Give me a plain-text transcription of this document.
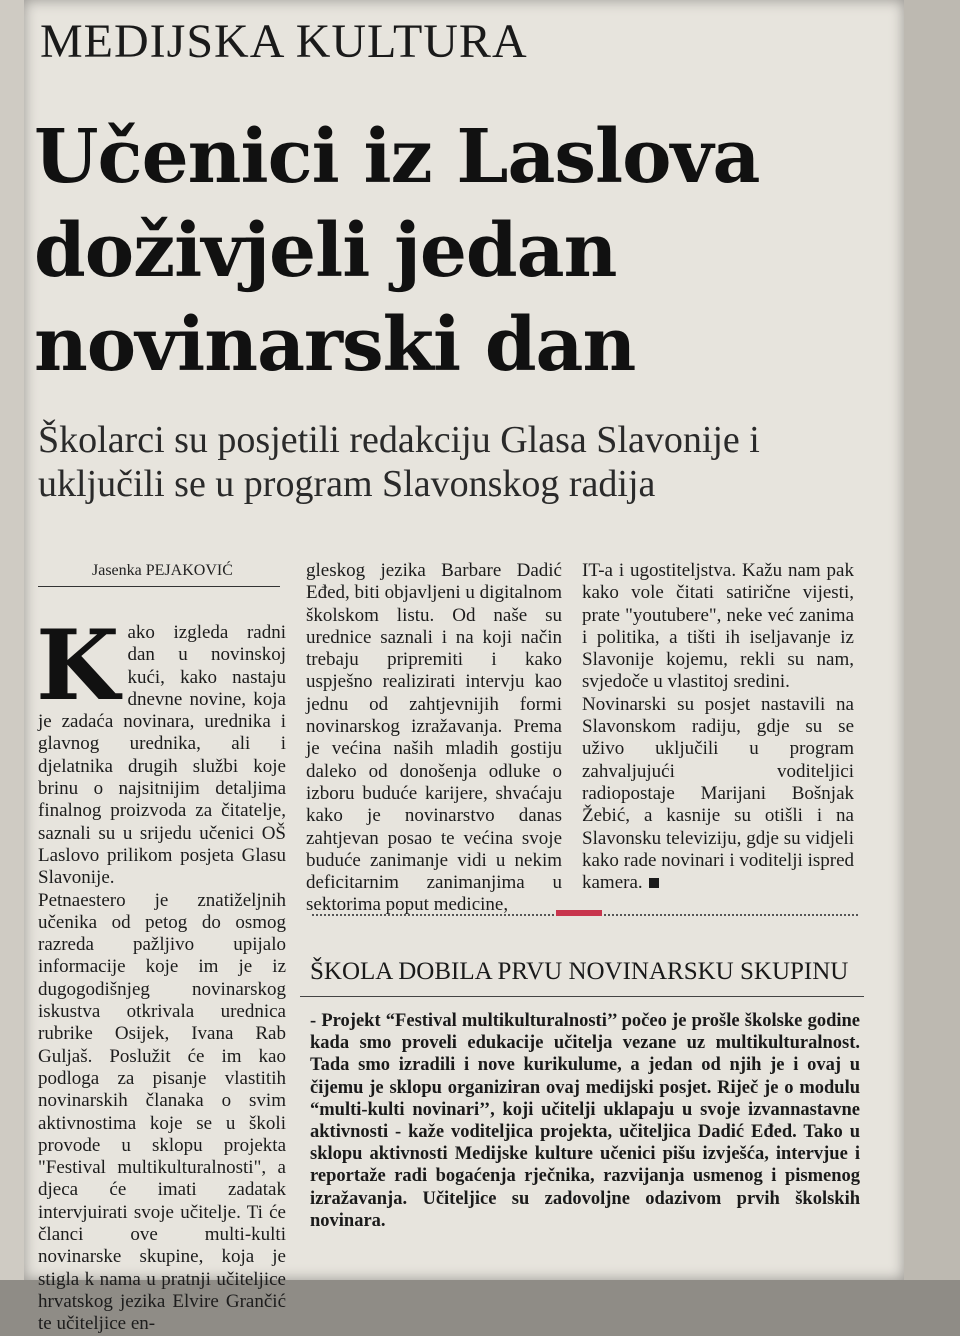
MEDIJSKA KULTURA
Učenici iz Laslova
doživjeli jedan
novinarski dan
Školarci su posjetili redakciju Glasa Slavonije i uključili se u program Slavonskog radija
Jasenka PEJAKOVIĆ
K ako izgleda radni dan u novinskoj kući, kako nastaju dnevne novine, koja je zadaća novinara, urednika i glavnog urednika, ali i djelatnika drugih službi koje brinu o najsitnijim detaljima finalnog proizvoda za čitatelje, saznali su u srijedu učenici OŠ Laslovo prilikom posjeta Glasu Slavonije.

Petnaestero je znatiželjnih učenika od petog do osmog razreda pažljivo upijalo informacije koje im je iz dugogodišnjeg novinarskog iskustva otkrivala urednica rubrike Osijek, Ivana Rab Guljaš. Poslužit će im kao podloga za pisanje vlastitih novinarskih članaka o svim aktivnostima koje se u školi provode u sklopu projekta "Festival multikulturalnosti", a djeca će imati zadatak intervjuirati svoje učitelje. Ti će članci ove multi-kulti novinarske skupine, koja je stigla k nama u pratnji učiteljice hrvatskog jezika Elvire Grančić te učiteljice en-

gleskog jezika Barbare Dadić Eđed, biti objavljeni u digitalnom školskom listu. Od naše su urednice saznali i na koji način trebaju pripremiti i kako uspješno realizirati intervju kao jednu od zahtjevnijih formi novinarskog izražavanja. Prema je većina naših mladih gostiju daleko od donošenja odluke o izboru buduće karijere, shvaćaju kako je novinarstvo danas zahtjevan posao te većina svoje buduće zanimanje vidi u nekim deficitarnim zanimanjima u sektorima poput medicine,

IT-a i ugostiteljstva. Kažu nam pak kako vole čitati satirične vijesti, prate "youtubere", neke već zanima i politika, a tišti ih iseljavanje iz Slavonije kojemu, rekli su nam, svjedoče u vlastitoj sredini.

Novinarski su posjet nastavili na Slavonskom radiju, gdje su se uživo uključili u program zahvaljujući voditeljici radiopostaje Marijani Bošnjak Žebić, a kasnije su otišli i na Slavonsku televiziju, gdje su vidjeli kako rade novinari i voditelji ispred kamera.

ŠKOLA DOBILA PRVU NOVINARSKU SKUPINU
- Projekt “Festival multikulturalnosti’’ počeo je prošle školske godine kada smo proveli edukacije učitelja vezane uz multikulturalnost. Tada smo izradili i nove kurikulume, a jedan od njih je i ovaj u čijemu je sklopu organiziran ovaj medijski posjet. Riječ je o modulu “multi-kulti novinari’’, koji učitelji uklapaju u svoje izvannastavne aktivnosti - kaže voditeljica projekta, učiteljica Dadić Eđed. Tako u sklopu aktivnosti Medijske kulture učenici pišu izvješća, intervjue i reportaže radi bogaćenja rječnika, razvijanja usmenog i pismenog izražavanja. Učiteljice su zadovoljne odazivom prvih školskih novinara.
